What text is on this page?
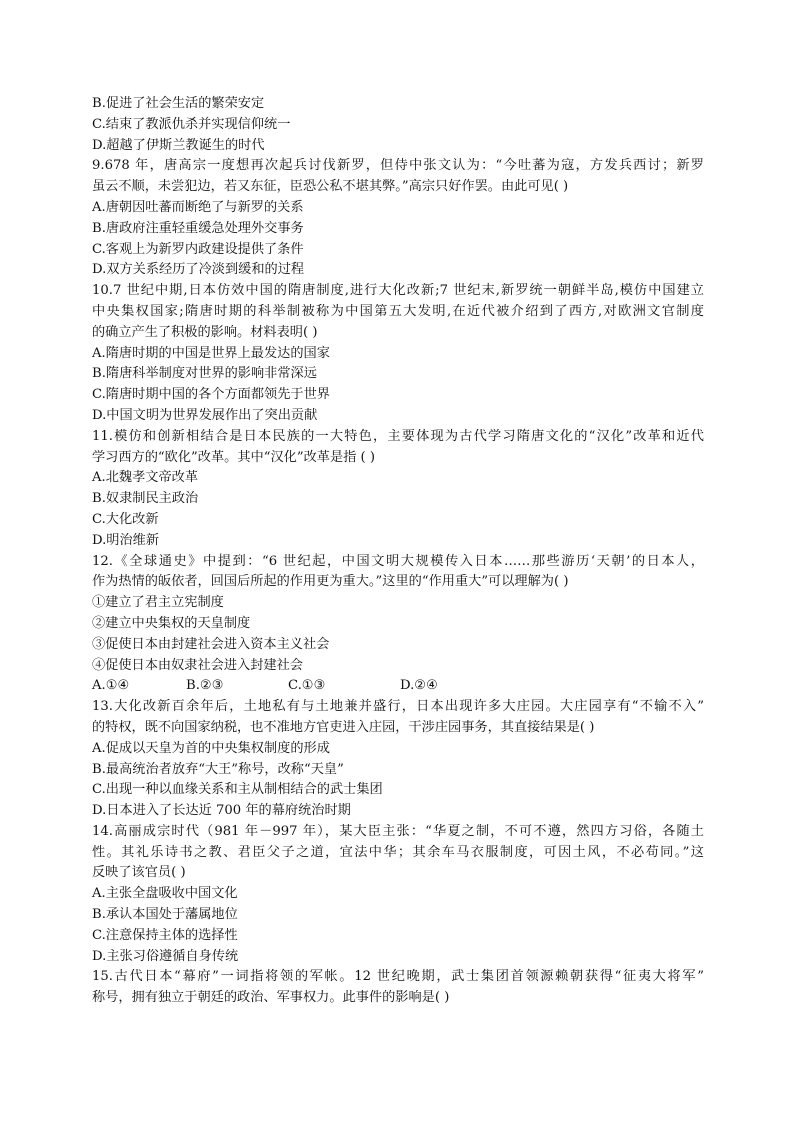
B.促进了社会生活的繁荣安定
C.结束了教派仇杀并实现信仰统一
D.超越了伊斯兰教诞生的时代
9.678 年，唐高宗一度想再次起兵讨伐新罗，但侍中张文认为：“今吐蕃为寇，方发兵西讨；新罗
虽云不顺，未尝犯边，若又东征，臣恐公私不堪其弊。”高宗只好作罢。由此可见( )
A.唐朝因吐蕃而断绝了与新罗的关系
B.唐政府注重轻重缓急处理外交事务
C.客观上为新罗内政建设提供了条件
D.双方关系经历了冷淡到缓和的过程
10.7 世纪中期,日本仿效中国的隋唐制度,进行大化改新;7 世纪末,新罗统一朝鲜半岛,模仿中国建立
中央集权国家;隋唐时期的科举制被称为中国第五大发明,在近代被介绍到了西方,对欧洲文官制度
的确立产生了积极的影响。材料表明( )
A.隋唐时期的中国是世界上最发达的国家
B.隋唐科举制度对世界的影响非常深远
C.隋唐时期中国的各个方面都领先于世界
D.中国文明为世界发展作出了突出贡献
11.模仿和创新相结合是日本民族的一大特色，主要体现为古代学习隋唐文化的“汉化”改革和近代
学习西方的“欧化”改革。其中“汉化”改革是指 ( )
A.北魏孝文帝改革
B.奴隶制民主政治
C.大化改新
D.明治维新
12.《全球通史》中提到：“6 世纪起，中国文明大规模传入日本……那些游历‘天朝’的日本人，
作为热情的皈依者，回国后所起的作用更为重大。”这里的“作用重大”可以理解为( )
①建立了君主立宪制度
②建立中央集权的天皇制度
③促使日本由封建社会进入资本主义社会
④促使日本由奴隶社会进入封建社会
A.①④	B.②③	C.①③	D.②④
13.大化改新百余年后，土地私有与土地兼并盛行，日本出现许多大庄园。大庄园享有“不输不入”
的特权，既不向国家纳税，也不准地方官吏进入庄园，干涉庄园事务，其直接结果是( )
A.促成以天皇为首的中央集权制度的形成
B.最高统治者放弃“大王”称号，改称“天皇”
C.出现一种以血缘关系和主从制相结合的武士集团
D.日本进入了长达近 700 年的幕府统治时期
14.高丽成宗时代（981 年－997 年），某大臣主张：“华夏之制，不可不遵，然四方习俗，各随土
性。其礼乐诗书之教、君臣父子之道，宜法中华；其余车马衣服制度，可因土风，不必苟同。”这
反映了该官员( )
A.主张全盘吸收中国文化
B.承认本国处于藩属地位
C.注意保持主体的选择性
D.主张习俗遵循自身传统
15.古代日本“幕府”一词指将领的军帐。12 世纪晚期，武士集团首领源赖朝获得“征夷大将军”
称号，拥有独立于朝廷的政治、军事权力。此事件的影响是( )
